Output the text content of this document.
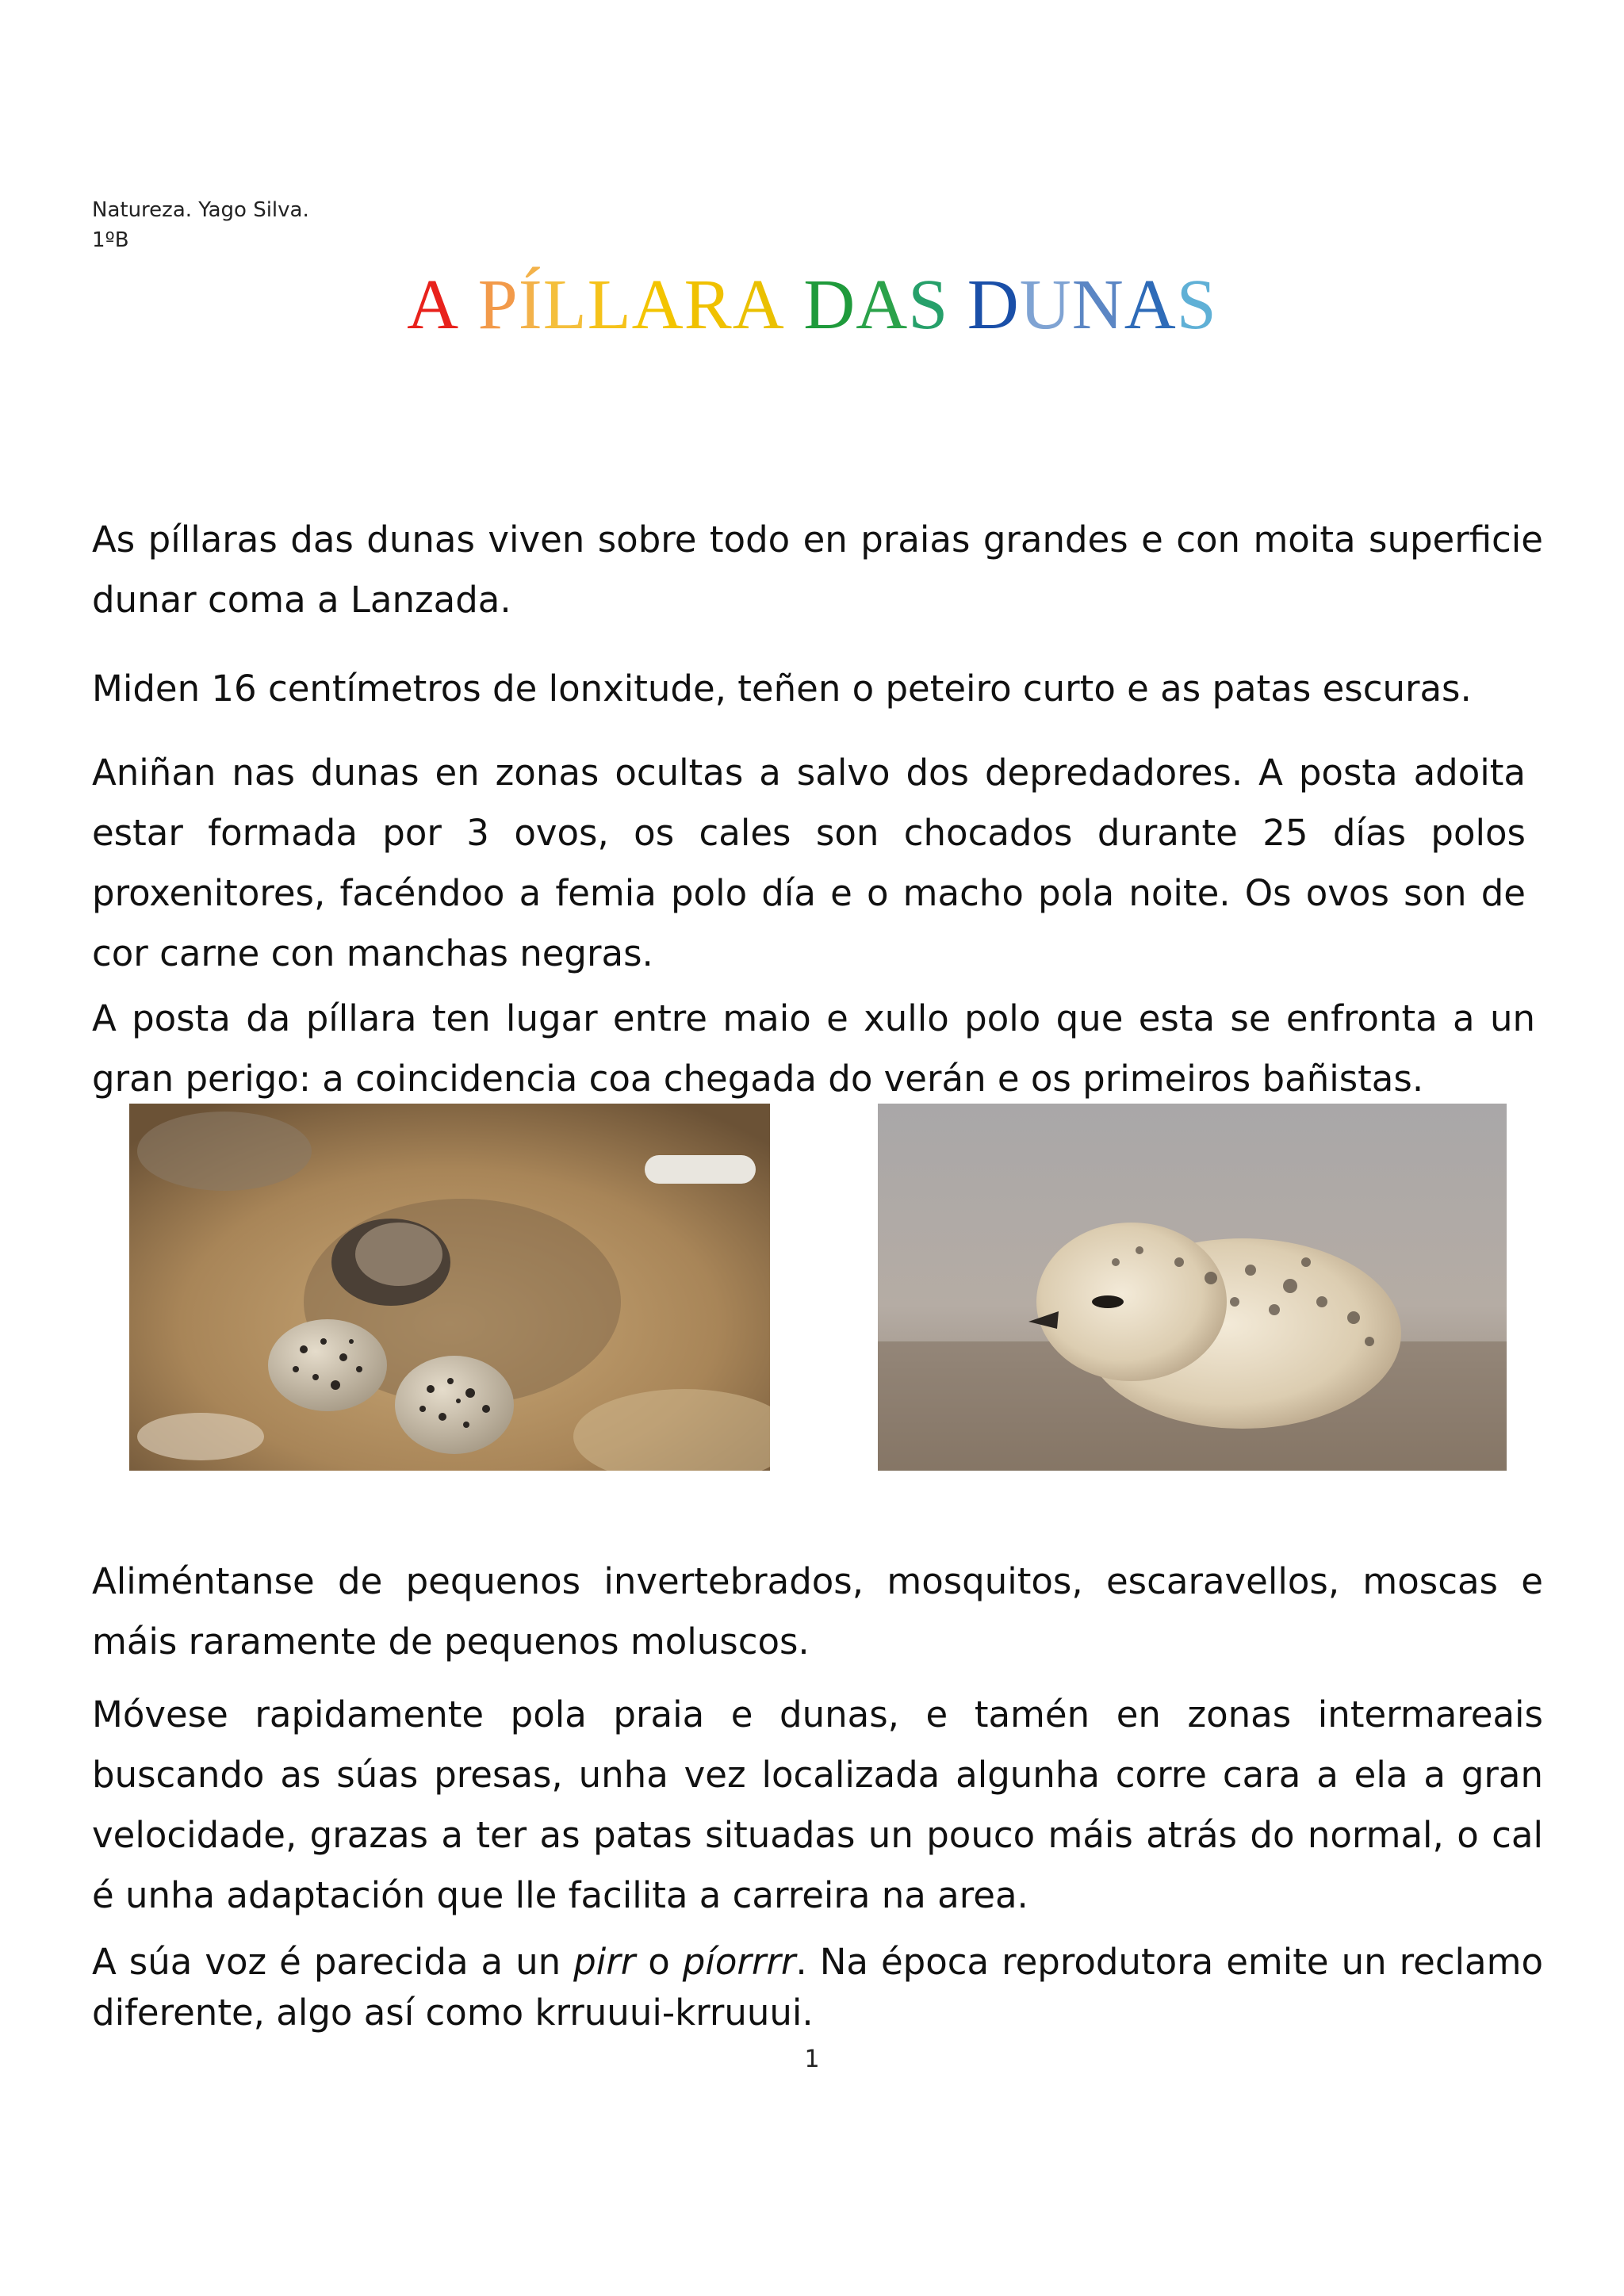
Natureza. Yago Silva.
1ºB
A PÍLLARA DAS DUNAS

As píllaras das dunas viven sobre todo en praias grandes e con moita superficie dunar coma a Lanzada.

Miden 16 centímetros de lonxitude, teñen o peteiro curto e as patas escuras.

Aniñan nas dunas en zonas ocultas a salvo dos depredadores. A posta adoita estar formada por 3 ovos, os cales son chocados durante 25 días polos proxenitores, facéndoo a femia polo día e o macho pola noite. Os ovos son de cor carne con manchas negras.

A posta da píllara ten lugar entre maio e xullo polo que esta se enfronta a un gran perigo: a coincidencia coa chegada do verán e os primeiros bañistas.

Aliméntanse de pequenos invertebrados, mosquitos, escaravellos, moscas e máis raramente de pequenos moluscos.

Móvese rapidamente pola praia e dunas, e tamén en zonas intermareais buscando as súas presas, unha vez localizada algunha corre cara a ela a gran velocidade, grazas a ter as patas situadas un pouco máis atrás do normal, o cal é unha adaptación que lle facilita a carreira na area.

A súa voz é parecida a un pirr o píorrrr. Na época reprodutora emite un reclamo diferente, algo así como krruuui-krruuui.

1
